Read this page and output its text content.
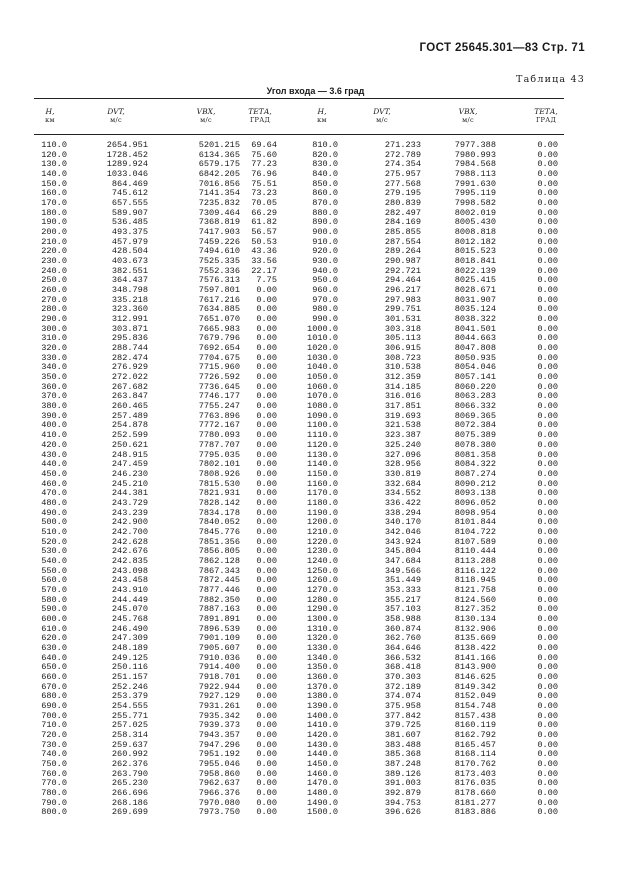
ГОСТ 25645.301—83 Стр. 71
Таблица 43
Угол входа — 3.6 град
H,
км
DVT,
м/с
VBX,
м/с
ТЕТА,
ГРАД
H,
км
DVT,
м/с
VBX,
м/с
ТЕТА,
ГРАД
110.0
120.0
130.0
140.0
150.0
160.0
170.0
180.0
190.0
200.0
210.0
220.0
230.0
240.0
250.0
260.0
270.0
280.0
290.0
300.0
310.0
320.0
330.0
340.0
350.0
360.0
370.0
380.0
390.0
400.0
410.0
420.0
430.0
440.0
450.0
460.0
470.0
480.0
490.0
500.0
510.0
520.0
530.0
540.0
550.0
560.0
570.0
580.0
590.0
600.0
610.0
620.0
630.0
640.0
650.0
660.0
670.0
680.0
690.0
700.0
710.0
720.0
730.0
740.0
750.0
760.0
770.0
780.0
790.0
800.0
2654.951
1728.452
1289.924
1033.046
864.469
745.612
657.555
589.907
536.485
493.375
457.979
428.504
403.673
382.551
364.437
348.798
335.218
323.360
312.991
303.871
295.836
288.744
282.474
276.929
272.022
267.682
263.847
260.465
257.489
254.878
252.599
250.621
248.915
247.459
246.230
245.210
244.381
243.729
243.239
242.900
242.700
242.628
242.676
242.835
243.098
243.458
243.910
244.449
245.070
245.768
246.490
247.309
248.189
249.125
250.116
251.157
252.246
253.379
254.555
255.771
257.025
258.314
259.637
260.992
262.376
263.790
265.230
266.696
268.186
269.699
5201.215
6134.365
6579.175
6842.205
7016.856
7141.354
7235.832
7309.464
7368.819
7417.903
7459.226
7494.610
7525.335
7552.336
7576.313
7597.801
7617.216
7634.885
7651.070
7665.983
7679.796
7692.654
7704.675
7715.960
7726.592
7736.645
7746.177
7755.247
7763.896
7772.167
7780.093
7787.707
7795.035
7802.101
7808.926
7815.530
7821.931
7828.142
7834.178
7840.052
7845.776
7851.356
7856.805
7862.128
7867.343
7872.445
7877.446
7882.350
7887.163
7891.891
7896.539
7901.109
7905.607
7910.036
7914.400
7918.701
7922.944
7927.129
7931.261
7935.342
7939.373
7943.357
7947.296
7951.192
7955.046
7958.860
7962.637
7966.376
7970.080
7973.750
69.64
75.60
77.23
76.96
75.51
73.23
70.05
66.29
61.82
56.57
50.53
43.36
33.56
22.17
7.75
0.00
0.00
0.00
0.00
0.00
0.00
0.00
0.00
0.00
0.00
0.00
0.00
0.00
0.00
0.00
0.00
0.00
0.00
0.00
0.00
0.00
0.00
0.00
0.00
0.00
0.00
0.00
0.00
0.00
0.00
0.00
0.00
0.00
0.00
0.00
0.00
0.00
0.00
0.00
0.00
0.00
0.00
0.00
0.00
0.00
0.00
0.00
0.00
0.00
0.00
0.00
0.00
0.00
0.00
0.00
810.0
820.0
830.0
840.0
850.0
860.0
870.0
880.0
890.0
900.0
910.0
920.0
930.0
940.0
950.0
960.0
970.0
980.0
990.0
1000.0
1010.0
1020.0
1030.0
1040.0
1050.0
1060.0
1070.0
1080.0
1090.0
1100.0
1110.0
1120.0
1130.0
1140.0
1150.0
1160.0
1170.0
1180.0
1190.0
1200.0
1210.0
1220.0
1230.0
1240.0
1250.0
1260.0
1270.0
1280.0
1290.0
1300.0
1310.0
1320.0
1330.0
1340.0
1350.0
1360.0
1370.0
1380.0
1390.0
1400.0
1410.0
1420.0
1430.0
1440.0
1450.0
1460.0
1470.0
1480.0
1490.0
1500.0
271.233
272.789
274.354
275.957
277.568
279.195
280.839
282.497
284.169
285.855
287.554
289.264
290.987
292.721
294.464
296.217
297.983
299.751
301.531
303.318
305.113
306.915
308.723
310.538
312.359
314.185
316.016
317.851
319.693
321.538
323.387
325.240
327.096
328.956
330.819
332.684
334.552
336.422
338.294
340.170
342.046
343.924
345.804
347.684
349.566
351.449
353.333
355.217
357.103
358.988
360.874
362.760
364.646
366.532
368.418
370.303
372.189
374.074
375.958
377.842
379.725
381.607
383.488
385.368
387.248
389.126
391.003
392.879
394.753
396.626
7977.388
7980.993
7984.568
7988.113
7991.630
7995.119
7998.582
8002.019
8005.430
8008.818
8012.182
8015.523
8018.841
8022.139
8025.415
8028.671
8031.907
8035.124
8038.322
8041.501
8044.663
8047.808
8050.935
8054.046
8057.141
8060.220
8063.283
8066.332
8069.365
8072.384
8075.389
8078.380
8081.358
8084.322
8087.274
8090.212
8093.138
8096.052
8098.954
8101.844
8104.722
8107.589
8110.444
8113.288
8116.122
8118.945
8121.758
8124.560
8127.352
8130.134
8132.906
8135.669
8138.422
8141.166
8143.900
8146.625
8149.342
8152.049
8154.748
8157.438
8160.119
8162.792
8165.457
8168.114
8170.762
8173.403
8176.035
8178.660
8181.277
8183.886
0.00
0.00
0.00
0.00
0.00
0.00
0.00
0.00
0.00
0.00
0.00
0.00
0.00
0.00
0.00
0.00
0.00
0.00
0.00
0.00
0.00
0.00
0.00
0.00
0.00
0.00
0.00
0.00
0.00
0.00
0.00
0.00
0.00
0.00
0.00
0.00
0.00
0.00
0.00
0.00
0.00
0.00
0.00
0.00
0.00
0.00
0.00
0.00
0.00
0.00
0.00
0.00
0.00
0.00
0.00
0.00
0.00
0.00
0.00
0.00
0.00
0.00
0.00
0.00
0.00
0.00
0.00
0.00
0.00
0.00
